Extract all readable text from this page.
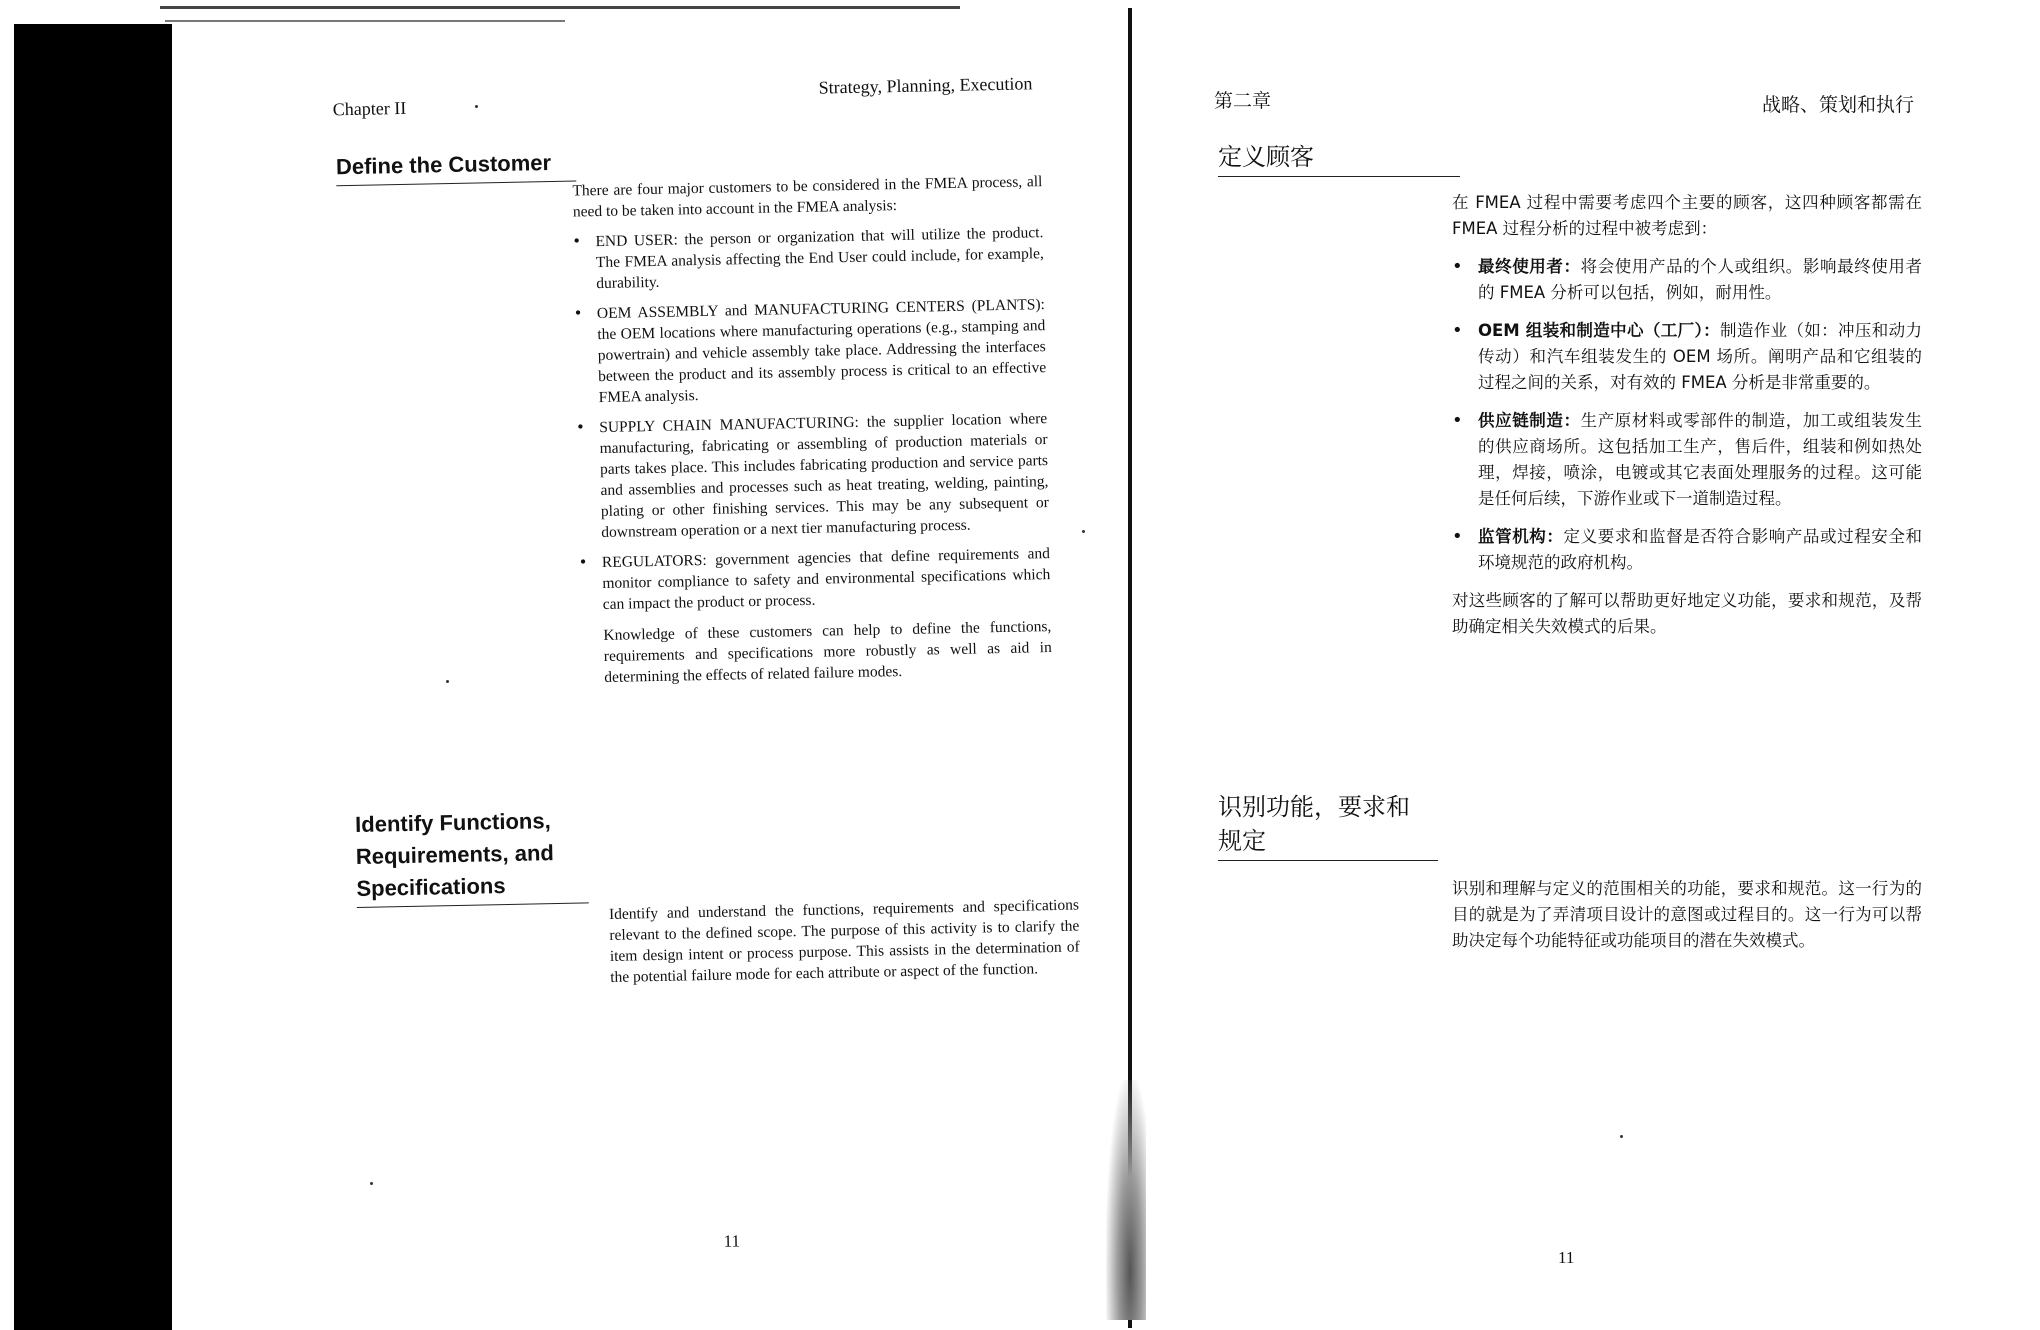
Chapter II
Strategy, Planning, Execution
Define the Customer
There are four major customers to be considered in the FMEA process, all need to be taken into account in the FMEA analysis:
• END USER: the person or organization that will utilize the product. The FMEA analysis affecting the End User could include, for example, durability.
• OEM ASSEMBLY and MANUFACTURING CENTERS (PLANTS): the OEM locations where manufacturing operations (e.g., stamping and powertrain) and vehicle assembly take place. Addressing the interfaces between the product and its assembly process is critical to an effective FMEA analysis.
• SUPPLY CHAIN MANUFACTURING: the supplier location where manufacturing, fabricating or assembling of production materials or parts takes place. This includes fabricating production and service parts and assemblies and processes such as heat treating, welding, painting, plating or other finishing services. This may be any subsequent or downstream operation or a next tier manufacturing process.
• REGULATORS: government agencies that define requirements and monitor compliance to safety and environmental specifications which can impact the product or process.
Knowledge of these customers can help to define the functions, requirements and specifications more robustly as well as aid in determining the effects of related failure modes.
Identify Functions,
Requirements, and
Specifications
Identify and understand the functions, requirements and specifications relevant to the defined scope. The purpose of this activity is to clarify the item design intent or process purpose. This assists in the determination of the potential failure mode for each attribute or aspect of the function.
11
第二章	战略、策划和执行
定义顾客
在 FMEA 过程中需要考虑四个主要的顾客，这四种顾客都需在 FMEA 过程分析的过程中被考虑到：
• 最终使用者：将会使用产品的个人或组织。影响最终使用者的 FMEA 分析可以包括，例如，耐用性。
• OEM 组装和制造中心（工厂）：制造作业（如：冲压和动力传动）和汽车组装发生的 OEM 场所。阐明产品和它组装的过程之间的关系，对有效的 FMEA 分析是非常重要的。
• 供应链制造：生产原材料或零部件的制造，加工或组装发生的供应商场所。这包括加工生产，售后件，组装和例如热处理，焊接，喷涂，电镀或其它表面处理服务的过程。这可能是任何后续，下游作业或下一道制造过程。
• 监管机构：定义要求和监督是否符合影响产品或过程安全和环境规范的政府机构。
对这些顾客的了解可以帮助更好地定义功能，要求和规范，及帮助确定相关失效模式的后果。
识别功能，要求和
规定
识别和理解与定义的范围相关的功能，要求和规范。这一行为的目的就是为了弄清项目设计的意图或过程目的。这一行为可以帮助决定每个功能特征或功能项目的潜在失效模式。
11
